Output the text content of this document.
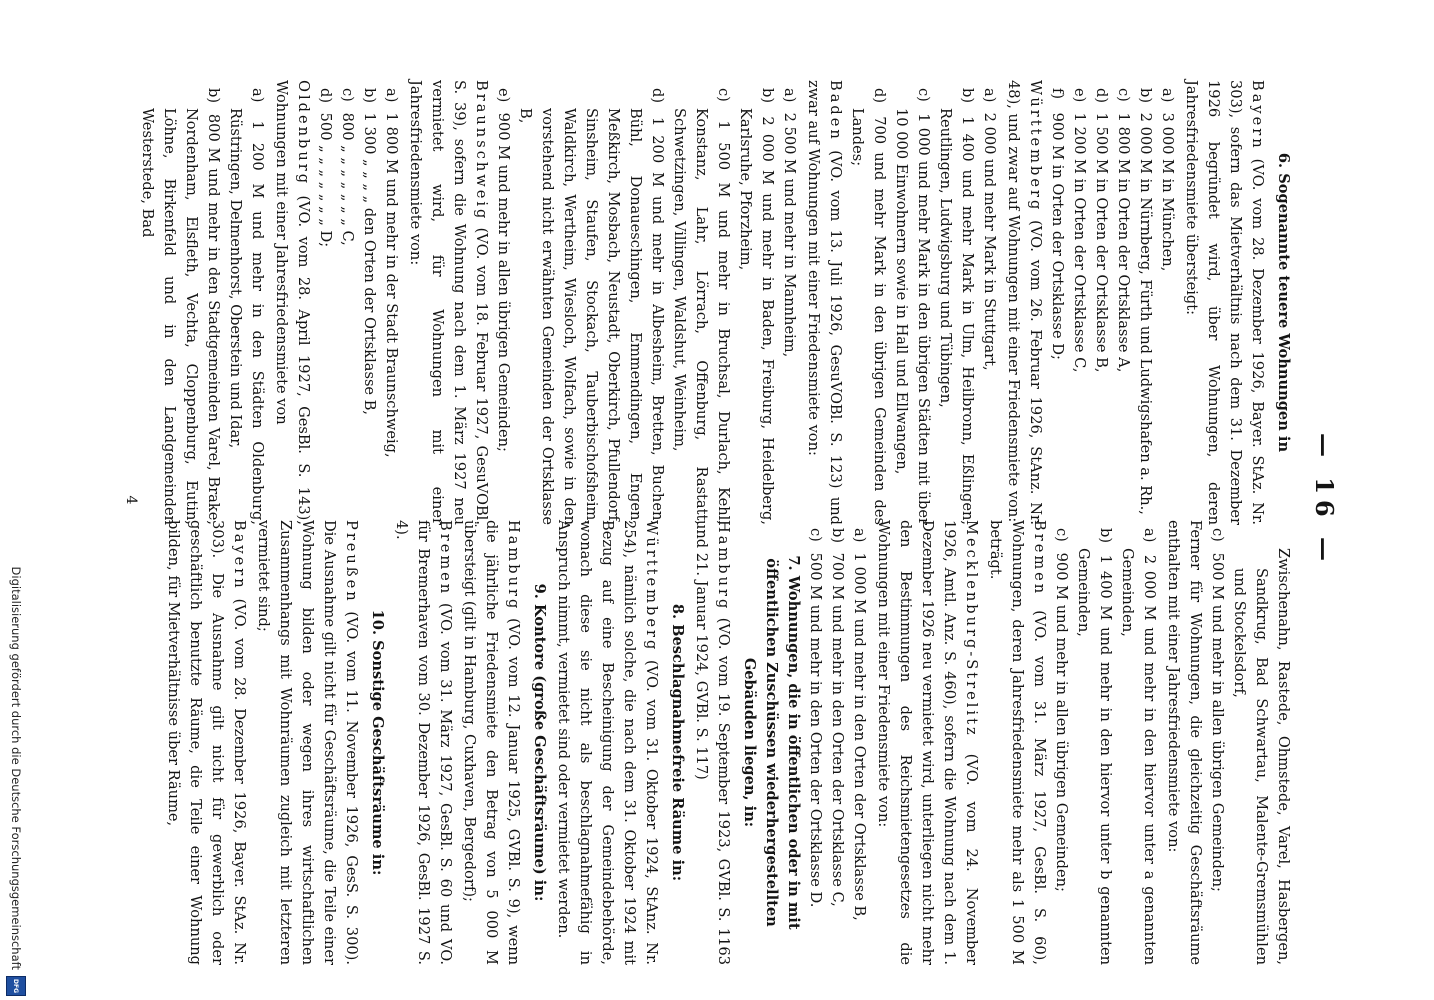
— 16 —

6. Sogenannte teuere Wohnungen in

Bayern (VO. vom 28. Dezember 1926, Bayer. StAz. Nr. 303), sofern das Mietverhältnis nach dem 31. Dezember 1926 begründet wird, über Wohnungen, deren Jahresfriedensmiete übersteigt:

a) 3 000 M in München,

b) 2 000 M in Nürnberg, Fürth und Ludwigshafen a. Rh.,

c) 1 800 M in Orten der Ortsklasse A,

d) 1 500 M in Orten der Ortsklasse B,

e) 1 200 M in Orten der Ortsklasse C,

f) 900 M in Orten der Ortsklasse D;

Württemberg (VO. vom 26. Februar 1926, StAnz. Nr. 48), und zwar auf Wohnungen mit einer Friedensmiete von:

a) 2 000 und mehr Mark in Stuttgart,

b) 1 400 und mehr Mark in Ulm, Heilbronn, Eßlingen, Reutlingen, Ludwigsburg und Tübingen,

c) 1 000 und mehr Mark in den übrigen Städten mit über 10 000 Einwohnern sowie in Hall und Ellwangen,

d) 700 und mehr Mark in den übrigen Gemeinden des Landes;

Baden (VO. vom 13. Juli 1926, GesuVOBl. S. 123) und zwar auf Wohnungen mit einer Friedensmiete von:

a) 2 500 M und mehr in Mannheim,

b) 2 000 M und mehr in Baden, Freiburg, Heidelberg, Karlsruhe, Pforzheim,

c) 1 500 M und mehr in Bruchsal, Durlach, Kehl, Konstanz, Lahr, Lörrach, Offenburg, Rastatt, Schwetzingen, Villingen, Waldshut, Weinheim,

d) 1 200 M und mehr in Albesheim, Bretten, Buchen, Bühl, Donaueschingen, Emmendingen, Engen, Meßkirch, Mosbach, Neustadt, Oberkirch, Pfullendorf, Sinsheim, Staufen, Stockach, Tauberbischofsheim, Waldkirch, Wertheim, Wiesloch, Wolfach, sowie in den vorstehend nicht erwähnten Gemeinden der Ortsklasse B,

e) 900 M und mehr in allen übrigen Gemeinden;

Braunschweig (VO. vom 18. Februar 1927, GesuVOBl. S. 39), sofern die Wohnung nach dem 1. März 1927 neu vermietet wird, für Wohnungen mit einer Jahresfriedensmiete von:

a) 1 800 M und mehr in der Stadt Braunschweig,

b) 1 300 „ „ „ „ den Orten der Ortsklasse B,

c) 800 „ „ „ „ „ „ „ C,

d) 500 „ „ „ „ „ „ „ D;

Oldenburg (VO. vom 28. April 1927, GesBl. S. 143), Wohnungen mit einer Jahresfriedensmiete von

a) 1 200 M und mehr in den Städten Oldenburg, Rüstringen, Delmenhorst, Oberstein und Idar,

b) 800 M und mehr in den Stadtgemeinden Varel, Brake, Nordenham, Elsfleth, Vechta, Cloppenburg, Eutin, Löhne, Birkenfeld und in den Landgemeinden Westerstede, Bad

Zwischenahn, Rastede, Ohmstede, Varel, Hasbergen, Sandkrug, Bad Schwartau, Malente-Gremsmühlen und Stockelsdorf,

c) 500 M und mehr in allen übrigen Gemeinden;

Ferner für Wohnungen, die gleichzeitig Geschäftsräume enthalten mit einer Jahresfriedensmiete von:

a) 2 000 M und mehr in den hiervor unter a genannten Gemeinden,

b) 1 400 M und mehr in den hiervor unter b genannten Gemeinden,

c) 900 M und mehr in allen übrigen Gemeinden;

Bremen (VO. vom 31. März 1927, GesBl. S. 60), Wohnungen, deren Jahresfriedensmiete mehr als 1 500 M beträgt.

Mecklenburg-Strelitz (VO. vom 24. November 1926, Amtl. Anz. S. 460), sofern die Wohnung nach dem 1. Dezember 1926 neu vermietet wird, unterliegen nicht mehr den Bestimmungen des Reichsmietengesetzes die Wohnungen mit einer Friedensmiete von:

a) 1 000 M und mehr in den Orten der Ortsklasse B,

b) 700 M und mehr in den Orten der Ortsklasse C,

c) 500 M und mehr in den Orten der Ortsklasse D.

7. Wohnungen, die in öffentlichen oder in mit öffentlichen Zuschüssen wiederhergestellten Gebäuden liegen, in:

Hamburg (VO. vom 19. September 1923, GVBl. S. 1163 und 21. Januar 1924, GVBl. S. 117)

8. Beschlagnahmefreie Räume in:

Württemberg (VO. vom 31. Oktober 1924, StAnz. Nr. 254), nämlich solche, die nach dem 31. Oktober 1924 mit Bezug auf eine Bescheinigung der Gemeindebehörde, wonach diese sie nicht als beschlagnahmefähig in Anspruch nimmt, vermietet sind oder vermietet werden.

9. Kontore (große Geschäftsräume) in:

Hamburg (VO. vom 12. Januar 1925, GVBl. S. 9), wenn die jährliche Friedensmiete den Betrag von 5 000 M übersteigt (gilt in Hamburg, Cuxhaven, Bergedorf);

Bremen (VO. vom 31. März 1927, GesBl. S. 60 und VO. für Bremerhaven vom 30. Dezember 1926, GesBl. 1927 S. 4).

10. Sonstige Geschäftsräume in:

Preußen (VO. vom 11. November 1926, GesS. S. 300). Die Ausnahme gilt nicht für Geschäftsräume, die Teile einer Wohnung bilden oder wegen ihres wirtschaftlichen Zusammenhangs mit Wohnräumen zugleich mit letzteren vermietet sind;

Bayern (VO. vom 28. Dezember 1926, Bayer. StAz. Nr. 303). Die Ausnahme gilt nicht für gewerblich oder geschäftlich benutzte Räume, die Teile einer Wohnung bilden, für Mietverhältnisse über Räume,

4
Digitalisierung gefördert durch die Deutsche Forschungsgemeinschaft
DFG
